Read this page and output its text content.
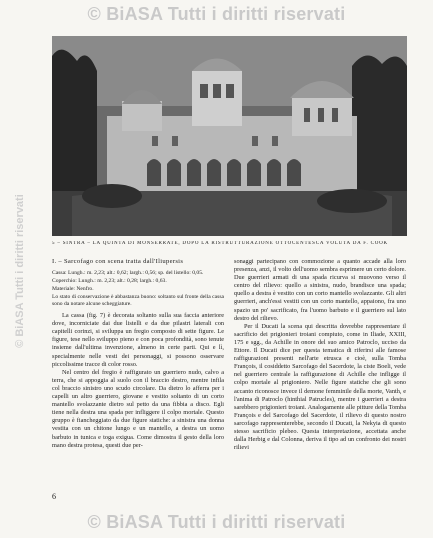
© BiASA Tutti i diritti riservati
© BiASA Tutti i diritti riservati	5 – SINTRA – LA QUINTA DI MONSERRATE, DOPO LA RISTRUTTURAZIONE OTTOCENTESCA VOLUTA DA F. COOK

I. – Sarcofago con scena tratta dall'Iliupersis

Cassa: Lungh.: m. 2,23; alt.: 0,62; largh.: 0,56; sp. del listello: 0,05.

Coperchio: Lungh.: m. 2,23; alt.: 0,28; largh.: 0,63.

Materiale: Nenfro.

Lo stato di conservazione è abbastanza buono: soltanto sul fronte della cassa sono da notare alcune scheggiature.

La cassa (fig. 7) è decorata soltanto sulla sua faccia anteriore dove, incorniciate dai due listelli e da due pilastri laterali con capitelli corinzi, si sviluppa un fregio composto di sette figure. Le figure, tese nello sviluppo pieno e con poca profondità, sono tenute insieme dall'ultima invenzione, almeno in certe parti. Qui e lì, specialmente nelle vesti dei personaggi, si possono osservare piccolissime tracce di color rosso.

Nel centro del fregio è raffigurato un guerriero nudo, calvo a terra, che si appoggia al suolo con il braccio destro, mentre infila col braccio sinistro uno scudo circolare. Da dietro lo afferra per i capelli un altro guerriero, giovane e vestito soltanto di un corto mantello svolazzante dietro sul petto da una fibbia a disco. Egli tiene nella destra una spada per infliggere il colpo mortale. Questo gruppo è fiancheggiato da due figure statiche: a sinistra una donna vestita con un chitone lungo e un mantello, a destra un uomo barbuto in tunica e toga exigua. Come dimostra il gesto della loro mano destra protesa, questi due per-

sonaggi partecipano con commozione a quanto accade alla loro presenza, anzi, il volto dell'uomo sembra esprimere un certo dolore. Due guerrieri armati di una spada ricurva si muovono verso il centro del rilievo: quello a sinistra, nudo, brandisce una spada; quello a destra è vestito con un corto mantello svolazzante. Gli altri guerrieri, anch'essi vestiti con un corto mantello, appaiono, fra uno spazio un po' sacrificato, fra l'uomo barbuto e il guerriero sul lato destro del rilievo.

Per il Ducati la scena qui descritta dovrebbe rappresentare il sacrificio dei prigionieri troiani compiuto, come in Iliade, XXIII, 175 e sgg., da Achille in onore del suo amico Patroclo, ucciso da Ettore. Il Ducati dice per questa tematica di riferirsi alle famose raffigurazioni presenti nell'arte etrusca e cioè, sulla Tomba François, il cosiddetto Sarcofago del Sacerdote, la ciste Boeli, vede nel guerriero centrale la raffigurazione di Achille che infligge il colpo mortale al prigioniero. Nelle figure statiche che gli sono accanto riconosce invece il demone femminile della morte, Vanth, e l'anima di Patroclo (hinthial Patrucles), mentre i guerrieri a destra sarebbero prigionieri troiani. Analogamente alle pitture della Tomba François e del Sarcofago del Sacerdote, il rilievo di questo nostro sarcofago rappresenterebbe, secondo il Ducati, la Nekyia di questo stesso sacrificio plebeo. Questa interpretazione, accettata anche dalla Herbig e dal Colonna, deriva il tipo ad un confronto dei nostri rilievi

6
© BiASA Tutti i diritti riservati
